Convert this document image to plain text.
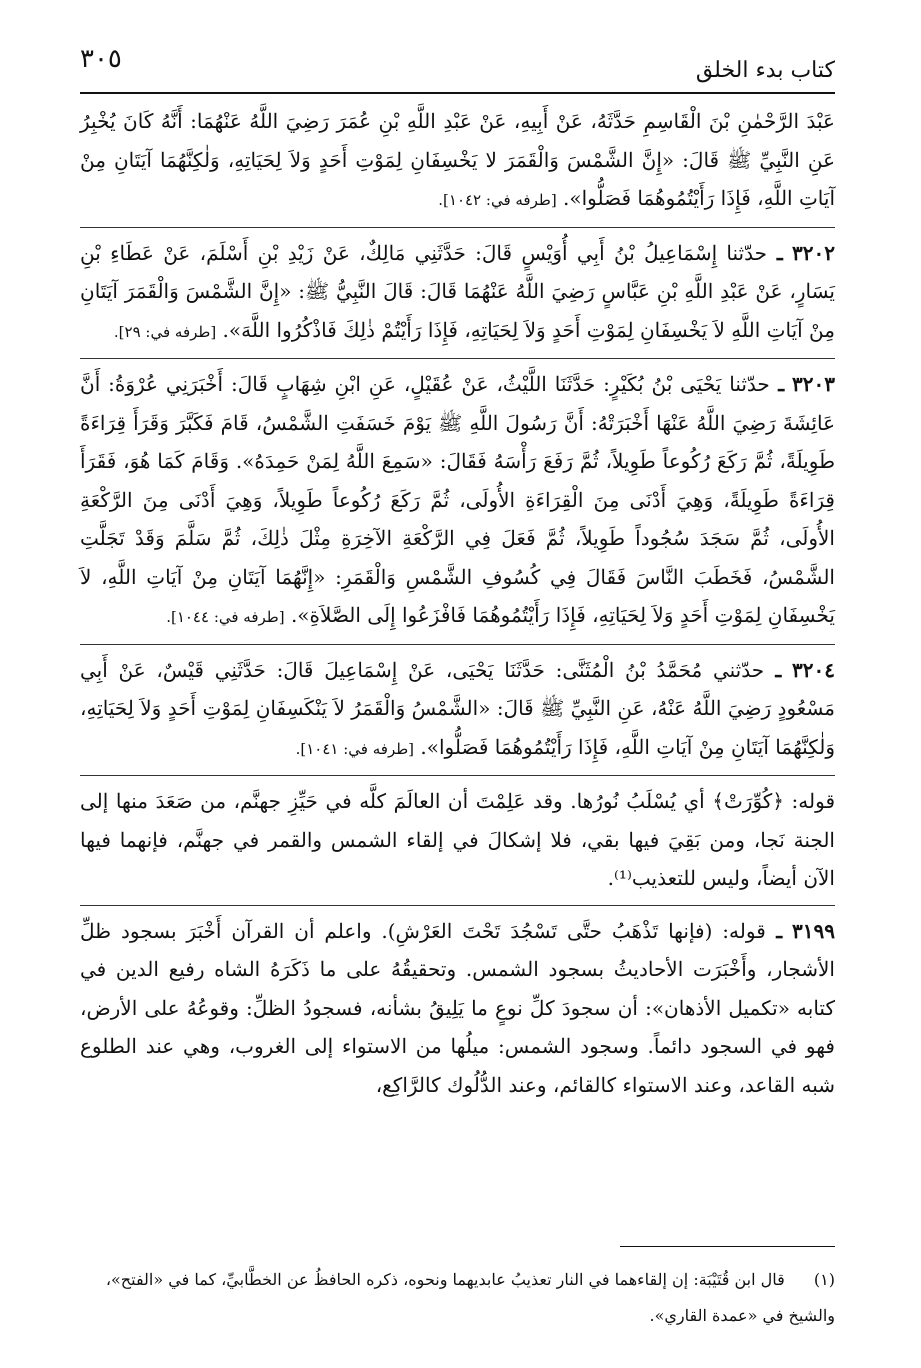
كتاب بدء الخلق
٣٠٥

عَبْدَ الرَّحْمٰنِ بْنَ الْقَاسِمِ حَدَّثَهُ، عَنْ أَبِيهِ، عَنْ عَبْدِ اللَّهِ بْنِ عُمَرَ رَضِيَ اللَّهُ عَنْهُمَا: أَنَّهُ كَانَ يُخْبِرُ عَنِ النَّبِيِّ ﷺ قَالَ: «إِنَّ الشَّمْسَ وَالْقَمَرَ لا يَخْسِفَانِ لِمَوْتِ أَحَدٍ وَلاَ لِحَيَاتِهِ، وَلٰكِنَّهُمَا آيَتَانِ مِنْ آيَاتِ اللَّهِ، فَإِذَا رَأَيْتُمُوهُمَا فَصَلُّوا». [طرفه في: ١٠٤٢].

٣٢٠٢ ـ حدّثنا إِسْمَاعِيلُ بْنُ أَبِي أُوَيْسٍ قَالَ: حَدَّثَنِي مَالِكٌ، عَنْ زَيْدِ بْنِ أَسْلَمَ، عَنْ عَطَاءِ بْنِ يَسَارٍ، عَنْ عَبْدِ اللَّهِ بْنِ عَبَّاسٍ رَضِيَ اللَّهُ عَنْهُمَا قَالَ: قَالَ النَّبِيُّ ﷺ: «إِنَّ الشَّمْسَ وَالْقَمَرَ آيَتَانِ مِنْ آيَاتِ اللَّهِ لاَ يَخْسِفَانِ لِمَوْتِ أَحَدٍ وَلاَ لِحَيَاتِهِ، فَإِذَا رَأَيْتُمْ ذٰلِكَ فَاذْكُرُوا اللَّهَ». [طرفه في: ٢٩].

٣٢٠٣ ـ حدّثنا يَحْيَى بْنُ بُكَيْرٍ: حَدَّثَنَا اللَّيْثُ، عَنْ عُقَيْلٍ، عَنِ ابْنِ شِهَابٍ قَالَ: أَخْبَرَنِي عُرْوَةُ: أَنَّ عَائِشَةَ رَضِيَ اللَّهُ عَنْهَا أَخْبَرَتْهُ: أَنَّ رَسُولَ اللَّهِ ﷺ يَوْمَ خَسَفَتِ الشَّمْسُ، قَامَ فَكَبَّرَ وَقَرَأَ قِرَاءَةً طَوِيلَةً، ثُمَّ رَكَعَ رُكُوعاً طَوِيلاً، ثُمَّ رَفَعَ رَأْسَهُ فَقَالَ: «سَمِعَ اللَّهُ لِمَنْ حَمِدَهُ». وَقَامَ كَمَا هُوَ، فَقَرَأَ قِرَاءَةً طَوِيلَةً، وَهِيَ أَدْنَى مِنَ الْقِرَاءَةِ الأُولَى، ثُمَّ رَكَعَ رُكُوعاً طَوِيلاً، وَهِيَ أَدْنَى مِنَ الرَّكْعَةِ الأُولَى، ثُمَّ سَجَدَ سُجُوداً طَوِيلاً، ثُمَّ فَعَلَ فِي الرَّكْعَةِ الآخِرَةِ مِثْلَ ذٰلِكَ، ثُمَّ سَلَّمَ وَقَدْ تَجَلَّتِ الشَّمْسُ، فَخَطَبَ النَّاسَ فَقَالَ فِي كُسُوفِ الشَّمْسِ وَالْقَمَرِ: «إِنَّهُمَا آيَتَانِ مِنْ آيَاتِ اللَّهِ، لاَ يَخْسِفَانِ لِمَوْتِ أَحَدٍ وَلاَ لِحَيَاتِهِ، فَإِذَا رَأَيْتُمُوهُمَا فَافْزَعُوا إِلَى الصَّلاَةِ». [طرفه في: ١٠٤٤].

٣٢٠٤ ـ حدّثني مُحَمَّدُ بْنُ الْمُثَنَّى: حَدَّثَنَا يَحْيَى، عَنْ إِسْمَاعِيلَ قَالَ: حَدَّثَنِي قَيْسٌ، عَنْ أَبِي مَسْعُودٍ رَضِيَ اللَّهُ عَنْهُ، عَنِ النَّبِيِّ ﷺ قَالَ: «الشَّمْسُ وَالْقَمَرُ لاَ يَنْكَسِفَانِ لِمَوْتِ أَحَدٍ وَلاَ لِحَيَاتِهِ، وَلٰكِنَّهُمَا آيَتَانِ مِنْ آيَاتِ اللَّهِ، فَإِذَا رَأَيْتُمُوهُمَا فَصَلُّوا». [طرفه في: ١٠٤١].

قوله: ﴿كُوِّرَتْ﴾ أي يُسْلَبُ نُورُها. وقد عَلِمْتَ أن العالَمَ كلَّه في حَيِّزِ جهنَّم، من صَعَدَ منها إلى الجنة نَجا، ومن بَقِيَ فيها بقي، فلا إشكالَ في إلقاء الشمس والقمر في جهنَّم، فإنهما فيها الآن أيضاً، وليس للتعذيب⁽¹⁾.

٣١٩٩ ـ قوله: (فإنها تَذْهَبُ حتَّى تَسْجُدَ تَحْتَ العَرْشِ). واعلم أن القرآن أَخْبَرَ بسجود ظلِّ الأشجار، وأَخْبَرَت الأحاديثُ بسجود الشمس. وتحقيقُهُ على ما ذَكَرَهُ الشاه رفيع الدين في كتابه «تكميل الأذهان»: أن سجودَ كلِّ نوعٍ ما يَلِيقُ بشأنه، فسجودُ الظلِّ: وقوعُهُ على الأرض، فهو في السجود دائماً. وسجود الشمس: ميلُها من الاستواء إلى الغروب، وهي عند الطلوع شبه القاعد، وعند الاستواء كالقائم، وعند الدُّلُوك كالرَّاكِع،

(١) قال ابن قُتَيْبَة: إن إلقاءهما في النار تعذيبُ عابديهما ونحوه، ذكره الحافظُ عن الخطَّابيِّ، كما في «الفتح»، والشيخ في «عمدة القاري».
